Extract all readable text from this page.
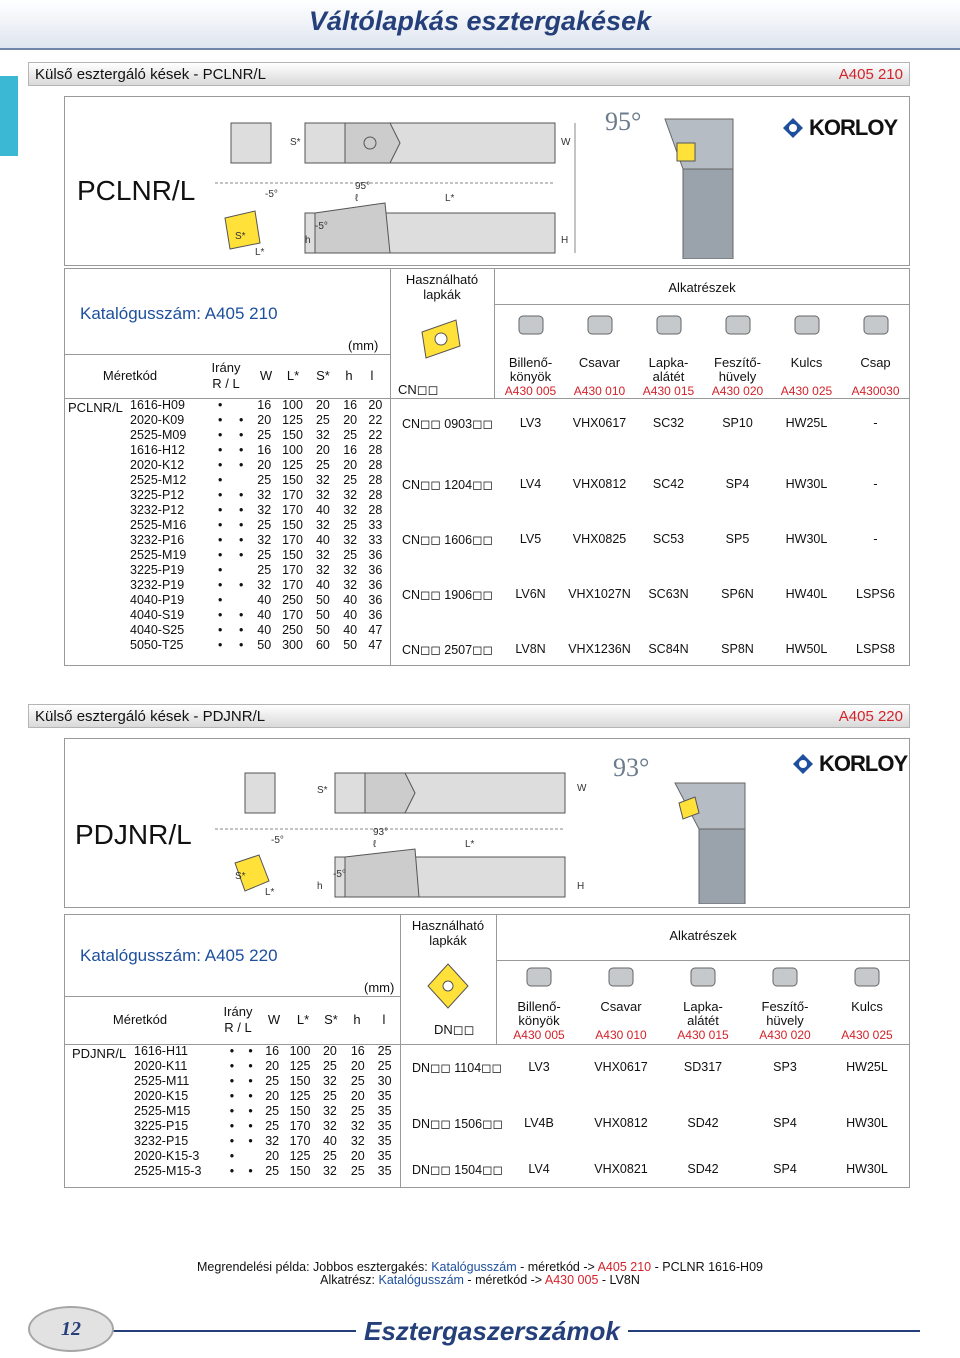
Váltólapkás esztergakések
Külső esztergáló kések - PCLNR/L	A405 210
PCLNR/L
S*
-5°
95°
ℓ	L*
W
h	H
S*
L*
-5°
95°	KORLOY
Katalógusszám: A405 210
(mm)
Használható lapkák	Alkatrészek
CN◻◻
Méretkód
Irány
R / L
W	L*	S*	h	l
Billenő-
könyök
A430 005
Csavar
A430 010
Lapka-
alátét
A430 015
Feszítő-
hüvely
A430 020
Kulcs
A430 025
Csap
A430030
PCLNR/L 1616-H09	•		16	100	20	16	20
2020-K09	•	•	20	125	25	20	22
2525-M09	•	•	25	150	32	25	22
1616-H12	•	•	16	100	20	16	28
2020-K12	•	•	20	125	25	20	28
2525-M12	•		25	150	32	25	28
3225-P12	•	•	32	170	32	32	28
3232-P12	•	•	32	170	40	32	28
2525-M16	•	•	25	150	32	25	33
3232-P16	•	•	32	170	40	32	33
2525-M19	•	•	25	150	32	25	36
3225-P19	•		25	170	32	32	36
3232-P19	•	•	32	170	40	32	36
4040-P19	•		40	250	50	40	36
4040-S19	•	•	40	170	50	40	36
4040-S25	•	•	40	250	50	40	47
5050-T25	•	•	50	300	60	50	47
CN◻◻ 0903◻◻	LV3	VHX0617	SC32	SP10	HW25L	-
CN◻◻ 1204◻◻	LV4	VHX0812	SC42	SP4	HW30L	-
CN◻◻ 1606◻◻	LV5	VHX0825	SC53	SP5	HW30L	-
CN◻◻ 1906◻◻	LV6N	VHX1027N	SC63N	SP6N	HW40L	LSPS6
CN◻◻ 2507◻◻	LV8N	VHX1236N	SC84N	SP8N	HW50L	LSPS8
Külső esztergáló kések - PDJNR/L	A405 220
PDJNR/L
S*
-5°
93°
ℓ	L*
W
h	H
S*
L*
-5°
93°	KORLOY
Katalógusszám: A405 220
(mm)
Használható lapkák	Alkatrészek
DN◻◻
Méretkód
Irány
R / L
W	L*	S*	h	l
Billenő-
könyök
A430 005
Csavar
A430 010
Lapka-
alátét
A430 015
Feszítő-
hüvely
A430 020
Kulcs
A430 025
PDJNR/L 1616-H11	•	•	16	100	20	16	25
2020-K11	•	•	20	125	25	20	25
2525-M11	•	•	25	150	32	25	30
2020-K15	•	•	20	125	25	20	35
2525-M15	•	•	25	150	32	25	35
3225-P15	•	•	25	170	32	32	35
3232-P15	•	•	32	170	40	32	35
2020-K15-3	•		20	125	25	20	35
2525-M15-3	•	•	25	150	32	25	35
DN◻◻ 1104◻◻	LV3	VHX0617	SD317	SP3	HW25L
DN◻◻ 1506◻◻	LV4B	VHX0812	SD42	SP4	HW30L
DN◻◻ 1504◻◻	LV4	VHX0821	SD42	SP4	HW30L
Megrendelési példa: Jobbos esztergakés: Katalógusszám - méretkód -> A405 210 - PCLNR 1616-H09
Alkatrész: Katalógusszám - méretkód -> A430 005 - LV8N
12	Esztergaszerszámok
